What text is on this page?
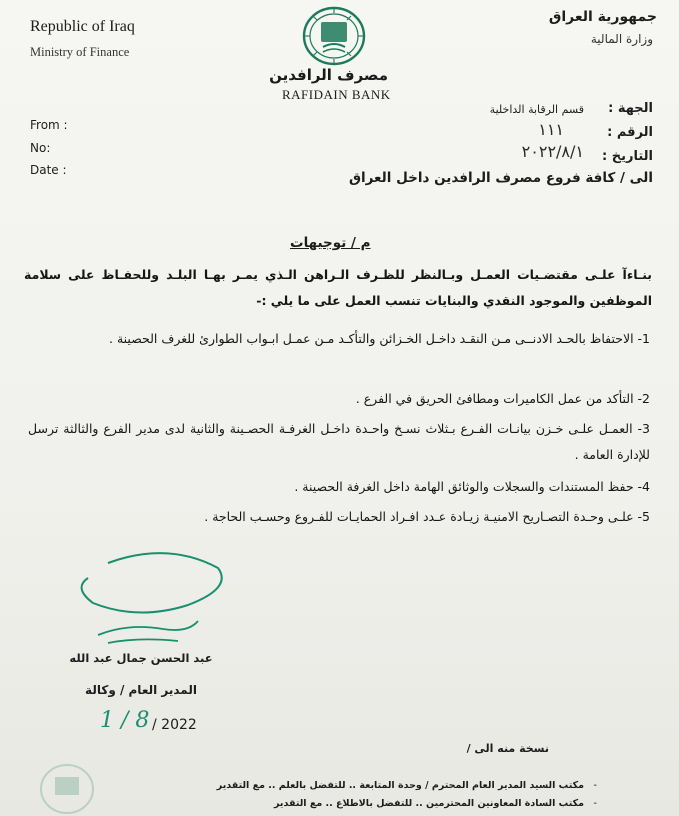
Republic of Iraq
Ministry of Finance
جمهورية العراق
وزارة المالية
مصرف الرافدين
RAFIDAIN BANK
From :
No:
Date :
الجهة :
قسم الرقابة الداخلية
الرقم :
١١١
التاريخ :
٢٠٢٢/٨/١
الى / كافة فروع مصرف الرافدين داخل العراق
م / توجيهات
بنـاءآ علـى مقتضـيات العمـل وبـالنظر للظـرف الـراهن الـذي يمـر بهـا البلـد وللحفـاظ على سلامة الموظفين والموجود النقدي والبنايات تنسب العمل على ما يلي :-
1- الاحتفاظ بالحـد الادنــى مـن النقـد داخـل الخـزائن والتأكـد مـن عمـل ابـواب الطوارئ للغرف الحصينة .
2- التأكد من عمل الكاميرات ومطافئ الحريق في الفرع .
3- العمـل علـى خـزن بيانـات الفـرع بـثلاث نسـخ واحـدة داخـل الغرفـة الحصـينة والثانية لدى مدير الفرع والثالثة ترسل للإدارة العامة .
4- حفظ المستندات والسجلات والوثائق الهامة داخل الغرفة الحصينة .
5- علـى وحـدة التصـاريح الامنيـة زيـادة عـدد افـراد الحمايـات للفـروع وحسـب الحاجة .
عبد الحسن جمال عبد الله
المدير العام / وكالة
1 / 8 / 2022
نسخة منه الى /
مكتب السيد المدير العام المحترم / وحدة المتابعة .. للتفضل بالعلم .. مع التقدير
مكتب السادة المعاونين المحترمين .. للتفضل بالاطلاع .. مع التقدير
-
-
